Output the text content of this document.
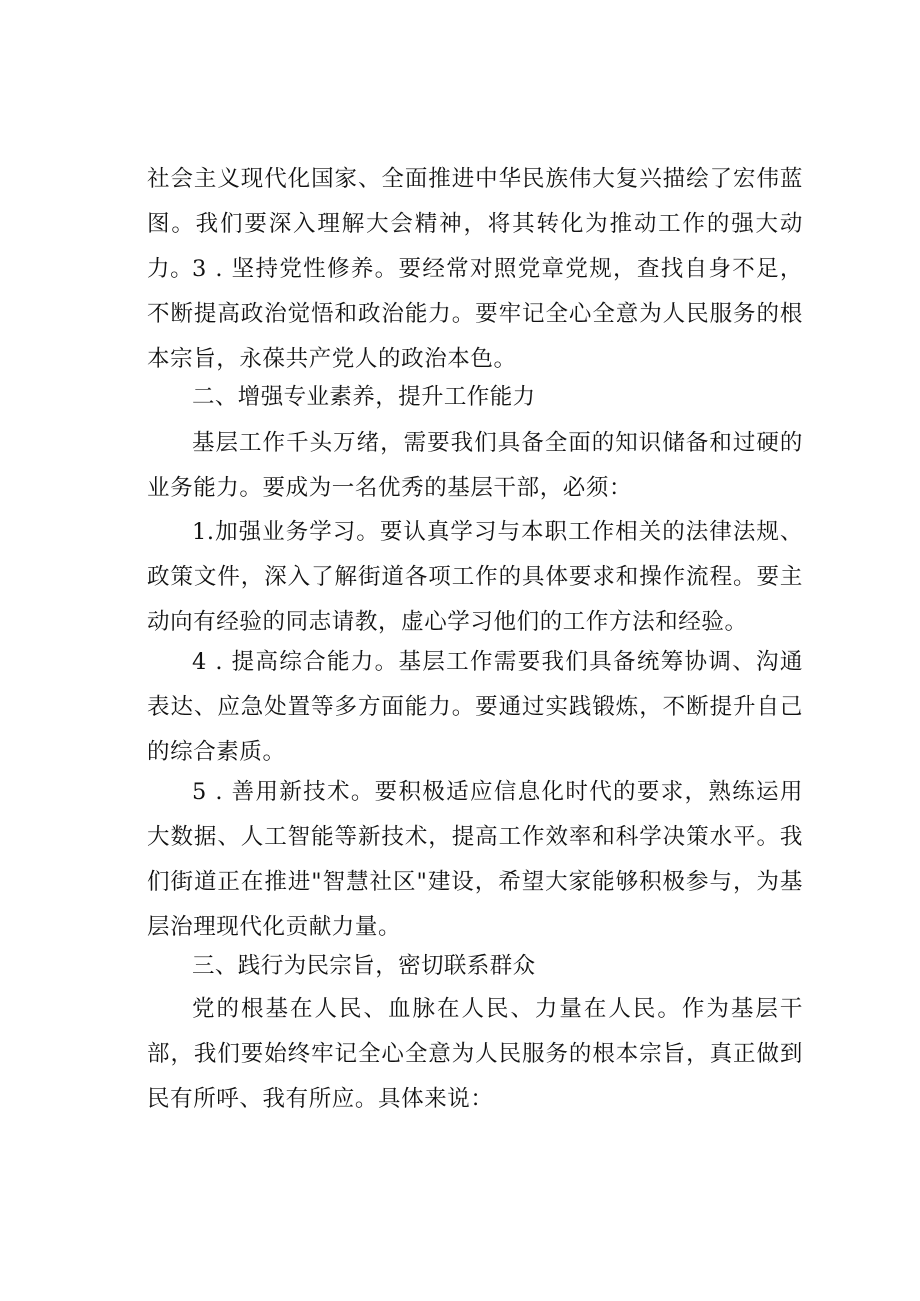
社会主义现代化国家、全面推进中华民族伟大复兴描绘了宏伟蓝图。我们要深入理解大会精神，将其转化为推动工作的强大动力。

3 . 坚持党性修养。要经常对照党章党规，查找自身不足，不断提高政治觉悟和政治能力。要牢记全心全意为人民服务的根本宗旨，永葆共产党人的政治本色。

二、增强专业素养，提升工作能力

基层工作千头万绪，需要我们具备全面的知识储备和过硬的业务能力。要成为一名优秀的基层干部，必须：

1.加强业务学习。要认真学习与本职工作相关的法律法规、政策文件，深入了解街道各项工作的具体要求和操作流程。要主动向有经验的同志请教，虚心学习他们的工作方法和经验。

4 . 提高综合能力。基层工作需要我们具备统筹协调、沟通表达、应急处置等多方面能力。要通过实践锻炼，不断提升自己的综合素质。

5 . 善用新技术。要积极适应信息化时代的要求，熟练运用大数据、人工智能等新技术，提高工作效率和科学决策水平。我们街道正在推进"智慧社区"建设，希望大家能够积极参与，为基层治理现代化贡献力量。

三、践行为民宗旨，密切联系群众

党的根基在人民、血脉在人民、力量在人民。作为基层干部，我们要始终牢记全心全意为人民服务的根本宗旨，真正做到民有所呼、我有所应。具体来说：
